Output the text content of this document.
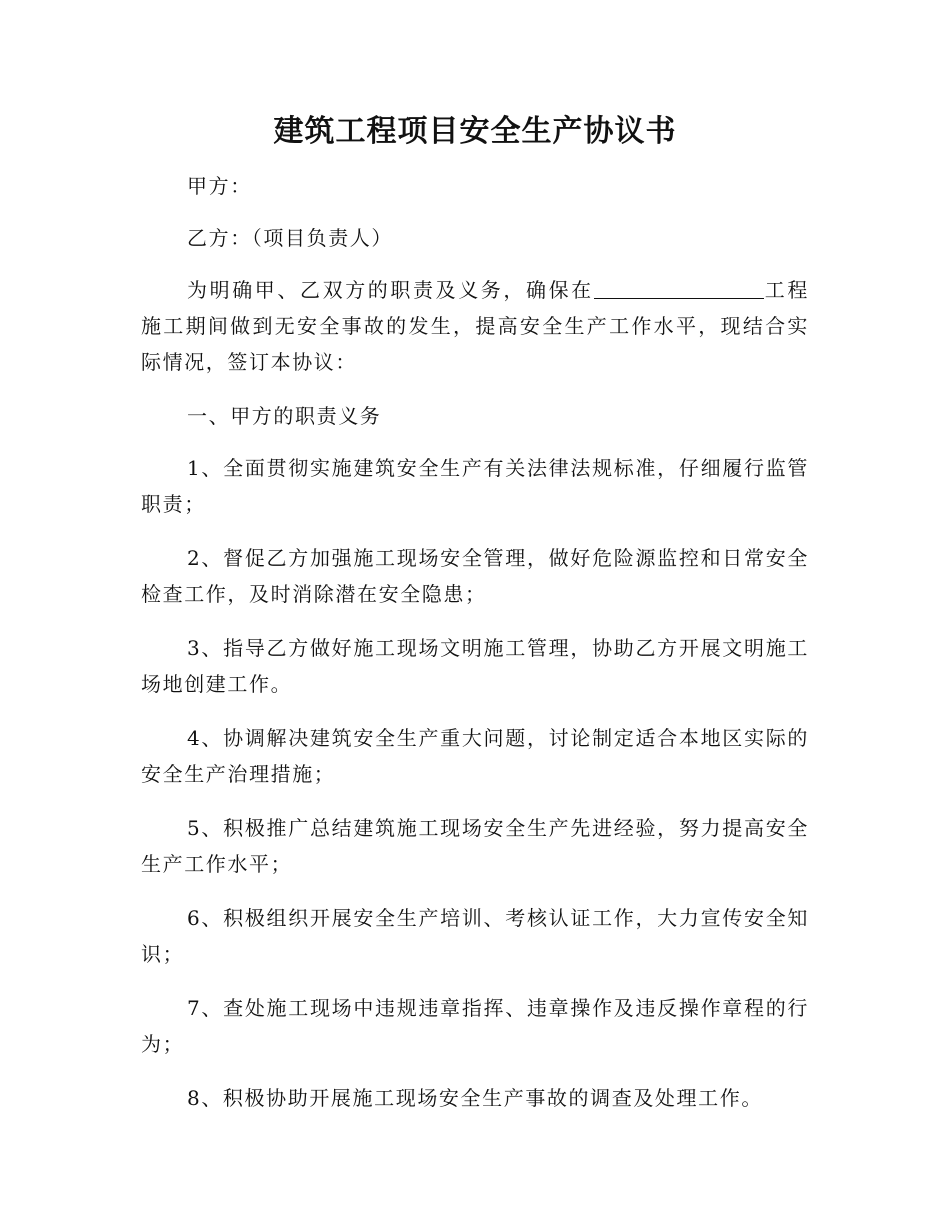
建筑工程项目安全生产协议书

甲方：

乙方：（项目负责人）

为明确甲、乙双方的职责及义务，确保在	工程施工期间做到无安全事故的发生，提高安全生产工作水平，现结合实际情况，签订本协议：

一、甲方的职责义务

1、全面贯彻实施建筑安全生产有关法律法规标准，仔细履行监管职责；

2、督促乙方加强施工现场安全管理，做好危险源监控和日常安全检查工作，及时消除潜在安全隐患；

3、指导乙方做好施工现场文明施工管理，协助乙方开展文明施工场地创建工作。

4、协调解决建筑安全生产重大问题，讨论制定适合本地区实际的安全生产治理措施；

5、积极推广总结建筑施工现场安全生产先进经验，努力提高安全生产工作水平；

6、积极组织开展安全生产培训、考核认证工作，大力宣传安全知识；

7、查处施工现场中违规违章指挥、违章操作及违反操作章程的行为；

8、积极协助开展施工现场安全生产事故的调查及处理工作。
